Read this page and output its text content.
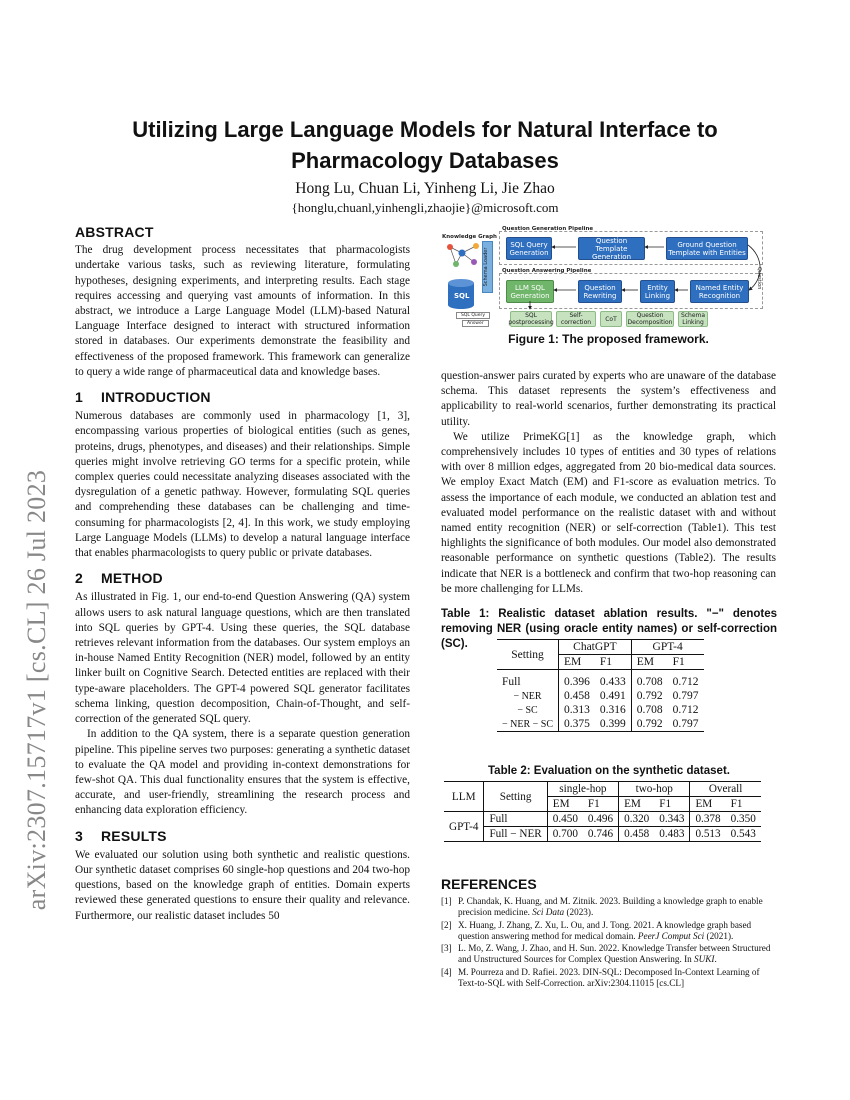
arXiv:2307.15717v1 [cs.CL] 26 Jul 2023
Utilizing Large Language Models for Natural Interface to Pharmacology Databases
Hong Lu, Chuan Li, Yinheng Li, Jie Zhao
{honglu,chuanl,yinhengli,zhaojie}@microsoft.com
ABSTRACT

The drug development process necessitates that pharmacologists undertake various tasks, such as reviewing literature, formulating hypotheses, designing experiments, and interpreting results. Each stage requires accessing and querying vast amounts of information. In this abstract, we introduce a Large Language Model (LLM)-based Natural Language Interface designed to interact with structured information stored in databases. Our experiments demonstrate the feasibility and effectiveness of the proposed framework. This framework can generalize to query a wide range of pharmaceutical data and knowledge bases.

1 INTRODUCTION

Numerous databases are commonly used in pharmacology [1, 3], encompassing various properties of biological entities (such as genes, proteins, drugs, phenotypes, and diseases) and their relationships. Simple queries might involve retrieving GO terms for a specific protein, while complex queries could necessitate analyzing diseases associated with the dysregulation of a genetic pathway. However, formulating SQL queries and comprehending these databases can be challenging and time-consuming for pharmacologists [2, 4]. In this work, we study employing Large Language Models (LLMs) to develop a natural language interface that enables pharmacologists to query public or private databases.

2 METHOD

As illustrated in Fig. 1, our end-to-end Question Answering (QA) system allows users to ask natural language questions, which are then translated into SQL queries by GPT-4. Using these queries, the SQL database retrieves relevant information from the databases. Our system employs an in-house Named Entity Recognition (NER) model, followed by an entity linker built on Cognitive Search. Detected entities are replaced with their type-aware placeholders. The GPT-4 powered SQL generator facilitates schema linking, question decomposition, Chain-of-Thought, and self-correction of the generated SQL query.

In addition to the QA system, there is a separate question generation pipeline. This pipeline serves two purposes: generating a synthetic dataset to evaluate the QA model and providing in-context demonstrations for few-shot QA. This dual functionality ensures that the system is effective, accurate, and user-friendly, streamlining the research process and enhancing data exploration efficiency.

3 RESULTS

We evaluated our solution using both synthetic and realistic questions. Our synthetic dataset comprises 60 single-hop questions and 204 two-hop questions, based on the knowledge graph of entities. Domain experts reviewed these generated questions to ensure their quality and relevance. Furthermore, our realistic dataset includes 50

Question Generation Pipeline
Question Answering Pipeline
Knowledge Graph
Schema Loader
SQL
SQL Query
Answer
SQL Query Generation
Question Template Generation
Ground Question Template with Entities
LLM SQL Generation
Question Rewriting
Entity Linking
Named Entity Recognition
SQL postprocessing
Self-correction	CoT	Question Decomposition
Schema Linking
Question
Figure 1: The proposed framework.

question-answer pairs curated by experts who are unaware of the database schema. This dataset represents the system’s effectiveness and applicability to real-world scenarios, further demonstrating its practical utility.

We utilize PrimeKG[1] as the knowledge graph, which comprehensively includes 10 types of entities and 30 types of relations with over 8 million edges, aggregated from 20 bio-medical data sources. We employ Exact Match (EM) and F1-score as evaluation metrics. To assess the importance of each module, we conducted an ablation test and evaluated model performance on the realistic dataset with and without named entity recognition (NER) or self-correction (Table1). This test highlights the significance of both modules. Our model also demonstrated reasonable performance on synthetic questions (Table2). The results indicate that NER is a bottleneck and confirm that two-hop reasoning can be more challenging for LLMs.

Table 1: Realistic dataset ablation results. "−" denotes removing NER (using oracle entity names) or self-correction (SC).
Setting	ChatGPT		GPT-4	
	EM	F1	EM	F1
Full	0.396	0.433	0.708	0.712
− NER	0.458	0.491	0.792	0.797
− SC	0.313	0.316	0.708	0.712
− NER − SC	0.375	0.399	0.792	0.797
Table 2: Evaluation on the synthetic dataset.
LLM	Setting	single-hop		two-hop		Overall	
		EM	F1	EM	F1	EM	F1
GPT-4	Full	0.450	0.496	0.320	0.343	0.378	0.350
	Full − NER	0.700	0.746	0.458	0.483	0.513	0.543
REFERENCES
[1] P. Chandak, K. Huang, and M. Zitnik. 2023. Building a knowledge graph to enable precision medicine. Sci Data (2023).
[2] X. Huang, J. Zhang, Z. Xu, L. Ou, and J. Tong. 2021. A knowledge graph based question answering method for medical domain. PeerJ Comput Sci (2021).
[3] L. Mo, Z. Wang, J. Zhao, and H. Sun. 2022. Knowledge Transfer between Structured and Unstructured Sources for Complex Question Answering. In SUKI.
[4] M. Pourreza and D. Rafiei. 2023. DIN-SQL: Decomposed In-Context Learning of Text-to-SQL with Self-Correction. arXiv:2304.11015 [cs.CL]
